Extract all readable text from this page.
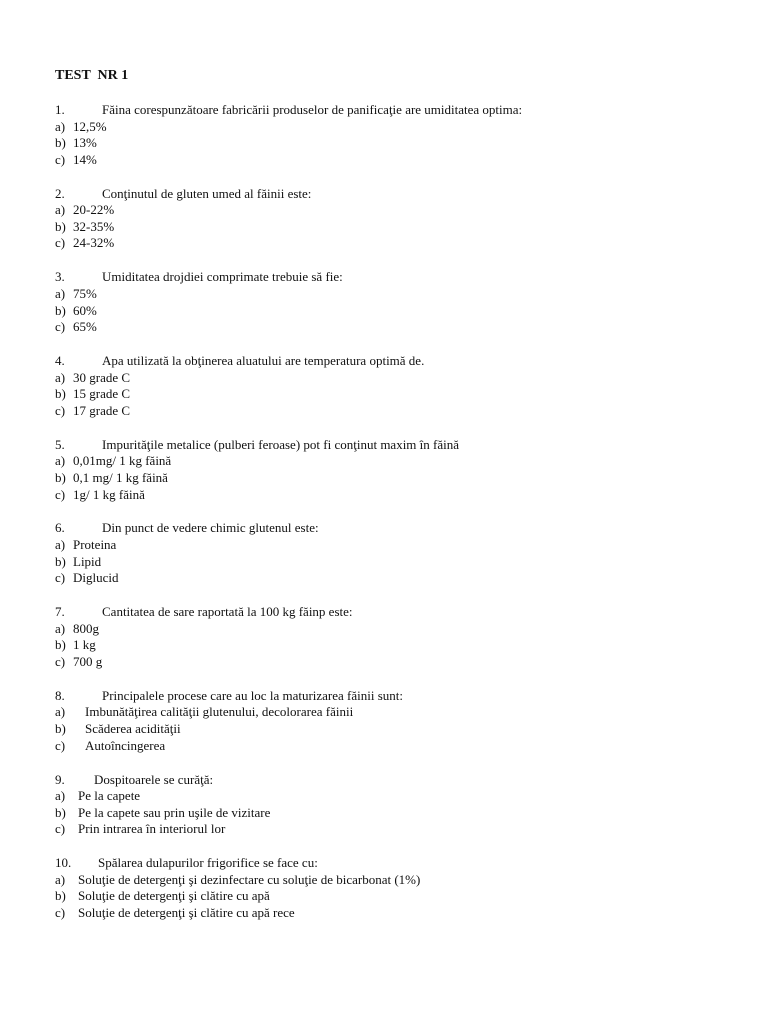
TEST  NR 1
1.	Făina corespunzătoare fabricării produselor de panificaţie are umiditatea optima:
a) 12,5%
b) 13%
c) 14%
2.	Conţinutul de gluten umed al făinii este:
a) 20-22%
b) 32-35%
c) 24-32%
3.	Umiditatea drojdiei comprimate trebuie să fie:
a) 75%
b) 60%
c) 65%
4.	Apa utilizată la obţinerea aluatului are temperatura optimă de.
a) 30 grade C
b) 15 grade C
c) 17 grade C
5.	Impurităţile metalice (pulberi feroase) pot fi conţinut maxim în făină
a) 0,01mg/ 1 kg făină
b) 0,1 mg/ 1 kg făină
c) 1g/ 1 kg făină
6.	Din punct de vedere chimic glutenul este:
a) Proteina
b) Lipid
c) Diglucid
7.	Cantitatea de sare raportată la 100 kg făinp este:
a) 800g
b) 1 kg
c) 700 g
8.	Principalele procese care au loc la maturizarea făinii sunt:
a) Imbunătăţirea calităţii glutenului, decolorarea făinii
b) Scăderea acidităţii
c) Autoîncingerea
9. Dospitoarele se curăţă:
a) Pe la capete
b) Pe la capete sau prin uşile de vizitare
c) Prin intrarea în interiorul lor
10. Spălarea dulapurilor frigorifice se face cu:
a) Soluţie de detergenţi şi dezinfectare cu soluţie de bicarbonat (1%)
b) Soluţie de detergenţi şi clătire cu apă
c) Soluţie de detergenţi şi clătire cu apă rece
